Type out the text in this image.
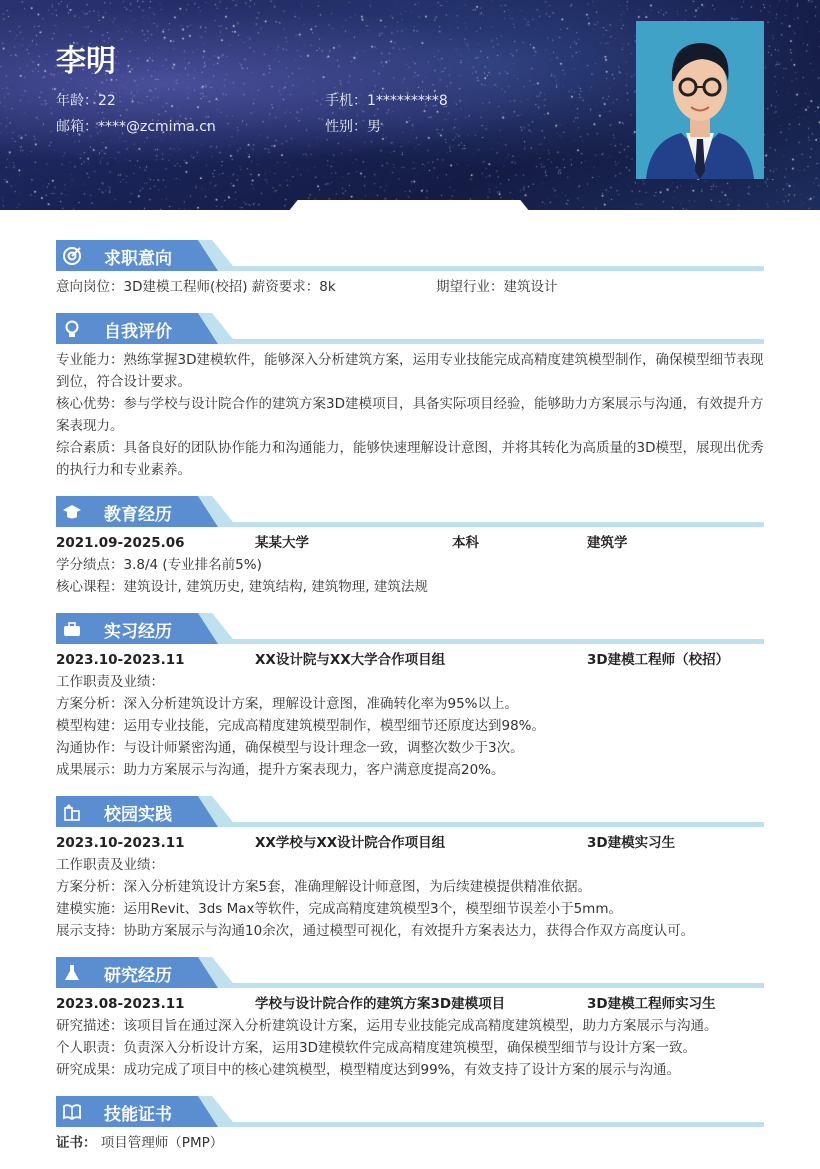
李明
年龄：22	手机：1*********8
邮箱：****@zcmima.cn	性别：男
求职意向
意向岗位：3D建模工程师(校招) 薪资要求：8k	期望行业：建筑设计
自我评价
专业能力：熟练掌握3D建模软件，能够深入分析建筑方案，运用专业技能完成高精度建筑模型制作，确保模型细节表现到位，符合设计要求。
核心优势：参与学校与设计院合作的建筑方案3D建模项目，具备实际项目经验，能够助力方案展示与沟通，有效提升方案表现力。
综合素质：具备良好的团队协作能力和沟通能力，能够快速理解设计意图，并将其转化为高质量的3D模型，展现出优秀的执行力和专业素养。
教育经历
2021.09-2025.06	某某大学	本科	建筑学
学分绩点：3.8/4 (专业排名前5%)
核心课程：建筑设计, 建筑历史, 建筑结构, 建筑物理, 建筑法规
实习经历
2023.10-2023.11	XX设计院与XX大学合作项目组	3D建模工程师（校招）
工作职责及业绩：
方案分析：深入分析建筑设计方案，理解设计意图，准确转化率为95%以上。
模型构建：运用专业技能，完成高精度建筑模型制作，模型细节还原度达到98%。
沟通协作：与设计师紧密沟通，确保模型与设计理念一致，调整次数少于3次。
成果展示：助力方案展示与沟通，提升方案表现力，客户满意度提高20%。
校园实践
2023.10-2023.11	XX学校与XX设计院合作项目组	3D建模实习生
工作职责及业绩：
方案分析：深入分析建筑设计方案5套，准确理解设计师意图，为后续建模提供精准依据。
建模实施：运用Revit、3ds Max等软件，完成高精度建筑模型3个，模型细节误差小于5mm。
展示支持：协助方案展示与沟通10余次，通过模型可视化，有效提升方案表达力，获得合作双方高度认可。
研究经历
2023.08-2023.11	学校与设计院合作的建筑方案3D建模项目	3D建模工程师实习生
研究描述：该项目旨在通过深入分析建筑设计方案，运用专业技能完成高精度建筑模型，助力方案展示与沟通。
个人职责：负责深入分析设计方案，运用3D建模软件完成高精度建筑模型，确保模型细节与设计方案一致。
研究成果：成功完成了项目中的核心建筑模型，模型精度达到99%，有效支持了设计方案的展示与沟通。
技能证书
证书： 项目管理师（PMP）
